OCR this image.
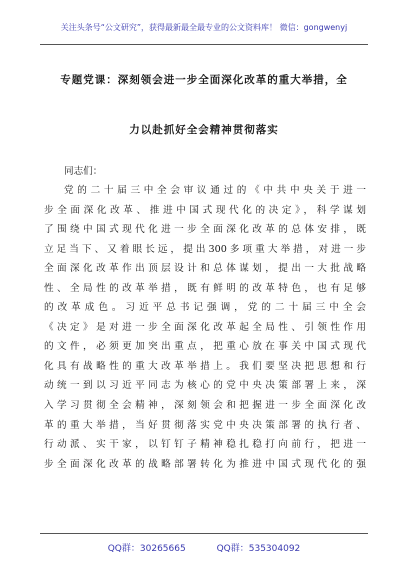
关注头条号“公文研究”，获得最新最全最专业的公文资料库！ 微信：gongwenyj
专题党课：深刻领会进一步全面深化改革的重大举措，全
力以赴抓好全会精神贯彻落实
同志们：
党的二十届三中全会审议通过的《中共中央关于进一
步全面深化改革、推进中国式现代化的决定》，科学谋划
了围绕中国式现代化进一步全面深化改革的总体安排，既
立足当下、又着眼长远，提出300多项重大举措，对进一步
全面深化改革作出顶层设计和总体谋划，提出一大批战略
性、全局性的改革举措，既有鲜明的改革特色，也有足够
的改革成色。习近平总书记强调，党的二十届三中全会
《决定》是对进一步全面深化改革起全局性、引领性作用
的文件，必须更加突出重点，把重心放在事关中国式现代
化具有战略性的重大改革举措上。我们要坚决把思想和行
动统一到以习近平同志为核心的党中央决策部署上来，深
入学习贯彻全会精神，深刻领会和把握进一步全面深化改
革的重大举措，当好贯彻落实党中央决策部署的执行者、
行动派、实干家，以钉钉子精神稳扎稳打向前行，把进一
步全面深化改革的战略部署转化为推进中国式现代化的强
QQ群：30265665	QQ群：535304092
